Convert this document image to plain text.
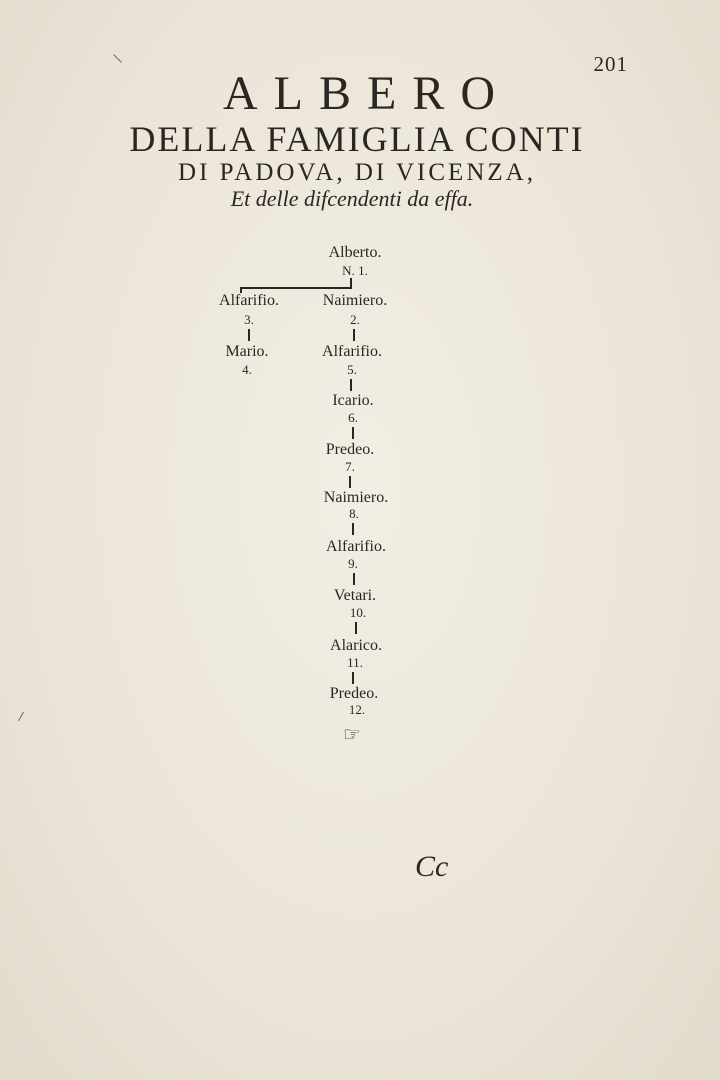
201
ALBERO
DELLA FAMIGLIA CONTI
DI PADOVA, DI VICENZA,
Et delle difcendenti da effa.
Alberto.
N. 1.
Alfarifio.
3.
Mario.
4.
Naimiero.
2.
Alfarifio.
5.
Icario.
6.
Predeo.
7.
Naimiero.
8.
Alfarifio.
9.
Vetari.
10.
Alarico.
11.
Predeo.
12.
☞
Cc
